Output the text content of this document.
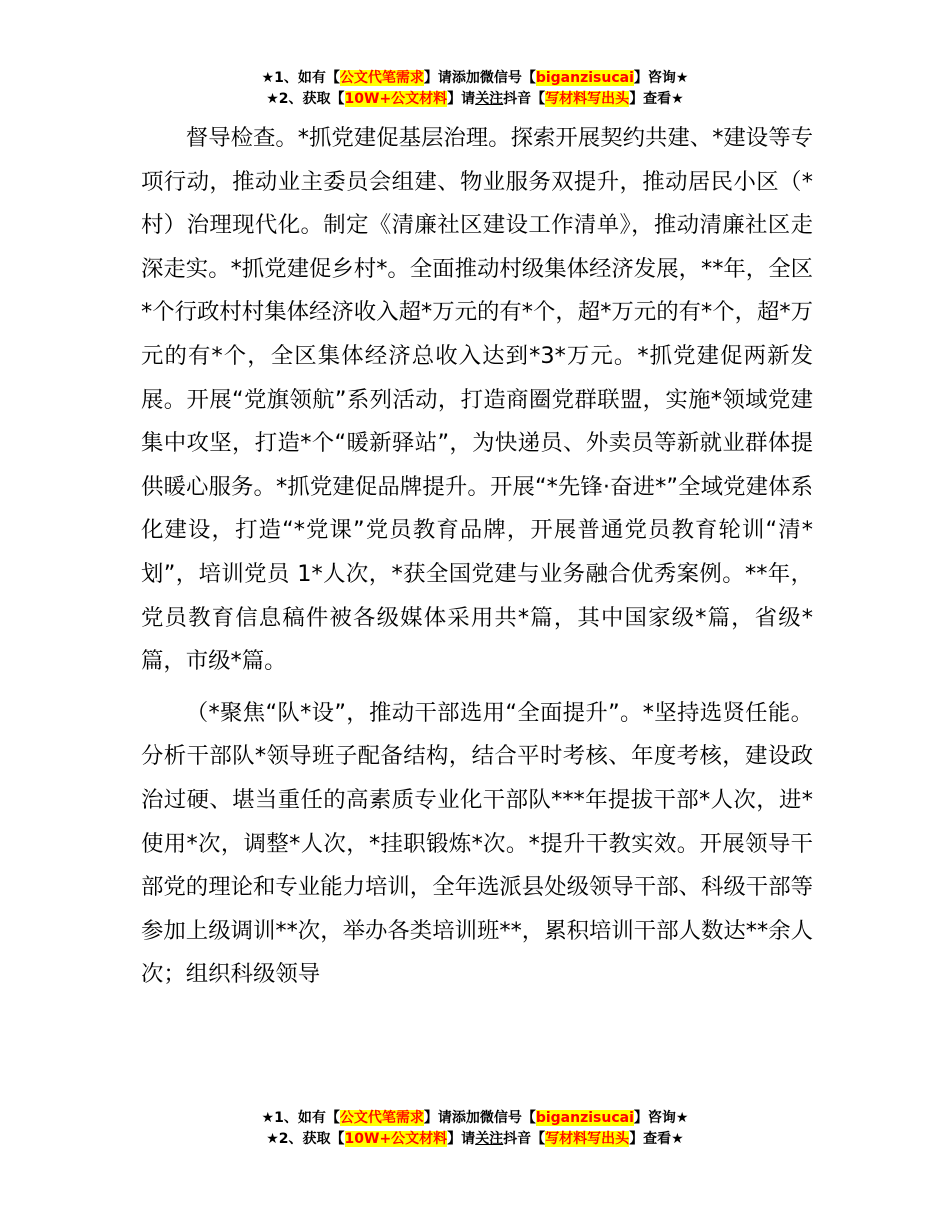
★1、如有【公文代笔需求】请添加微信号【biganzisucai】咨询★
★2、获取【10W+公文材料】请关注抖音【写材料写出头】查看★

督导检查。*抓党建促基层治理。探索开展契约共建、*建设等专项行动，推动业主委员会组建、物业服务双提升，推动居民小区（*村）治理现代化。制定《清廉社区建设工作清单》，推动清廉社区走深走实。*抓党建促乡村*。全面推动村级集体经济发展，**年，全区*个行政村村集体经济收入超*万元的有*个，超*万元的有*个，超*万元的有*个，全区集体经济总收入达到*3*万元。*抓党建促两新发展。开展“党旗领航”系列活动，打造商圈党群联盟，实施*领域党建集中攻坚，打造*个“暖新驿站”，为快递员、外卖员等新就业群体提供暖心服务。*抓党建促品牌提升。开展“*先锋·奋进*”全域党建体系化建设，打造“*党课”党员教育品牌，开展普通党员教育轮训“清*划”，培训党员 1*人次，*获全国党建与业务融合优秀案例。**年，党员教育信息稿件被各级媒体采用共*篇，其中国家级*篇，省级*篇，市级*篇。

（*聚焦“队*设”，推动干部选用“全面提升”。*坚持选贤任能。分析干部队*领导班子配备结构，结合平时考核、年度考核，建设政治过硬、堪当重任的高素质专业化干部队***年提拔干部*人次，进*使用*次，调整*人次，*挂职锻炼*次。*提升干教实效。开展领导干部党的理论和专业能力培训，全年选派县处级领导干部、科级干部等参加上级调训**次，举办各类培训班**，累积培训干部人数达**余人次；组织科级领导

★1、如有【公文代笔需求】请添加微信号【biganzisucai】咨询★
★2、获取【10W+公文材料】请关注抖音【写材料写出头】查看★
